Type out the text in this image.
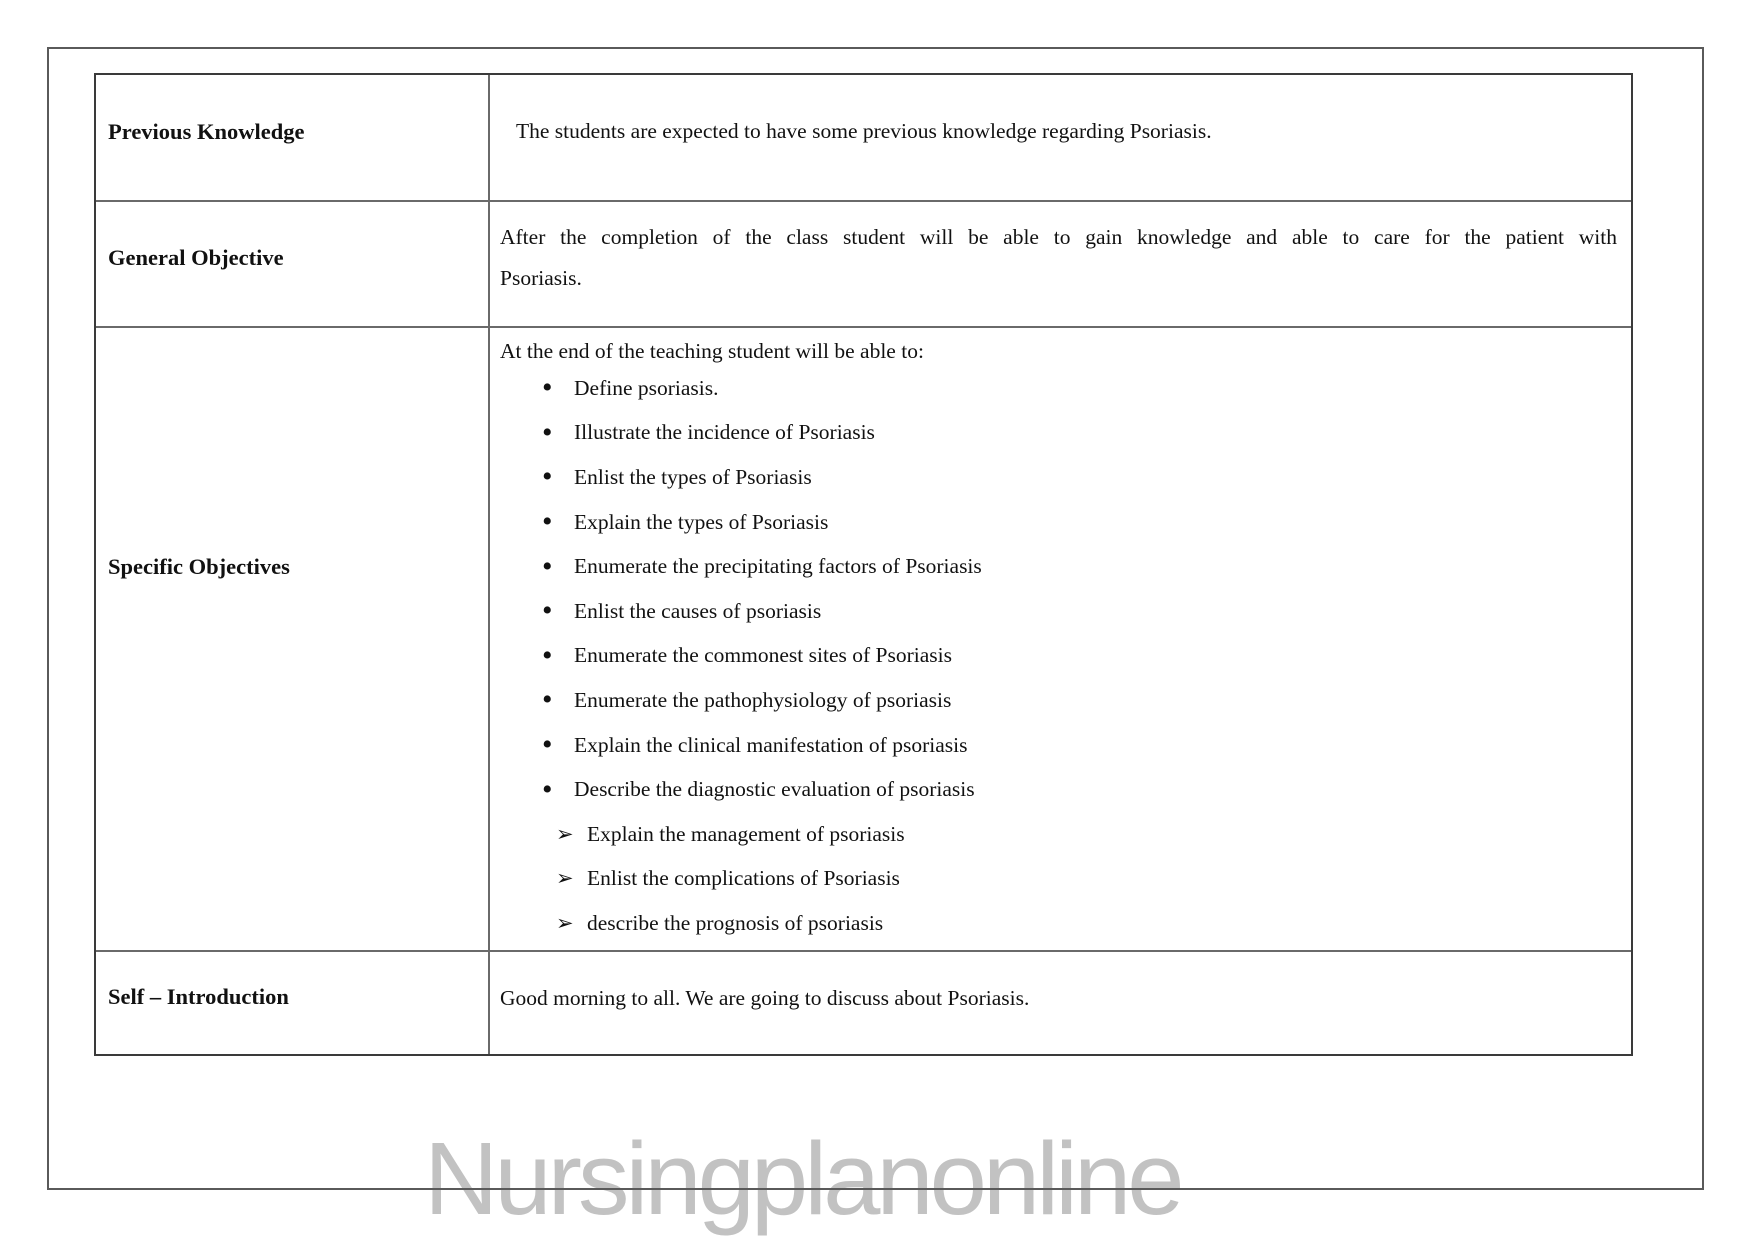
Nursingplanonline
Previous Knowledge	The students are expected to have some previous knowledge regarding Psoriasis.
General Objective
After the completion of the class student will be able to gain knowledge and able to care for the patient with
Psoriasis.
Specific Objectives
At the end of the teaching student will be able to:
• Define psoriasis.
• Illustrate the incidence of Psoriasis
• Enlist the types of Psoriasis
• Explain the types of Psoriasis
• Enumerate the precipitating factors of Psoriasis
• Enlist the causes of psoriasis
• Enumerate the commonest sites of Psoriasis
• Enumerate the pathophysiology of psoriasis
• Explain the clinical manifestation of psoriasis
• Describe the diagnostic evaluation of psoriasis
➢ Explain the management of psoriasis
➢ Enlist the complications of Psoriasis
➢ describe the prognosis of psoriasis
Self – Introduction	Good morning to all. We are going to discuss about Psoriasis.
